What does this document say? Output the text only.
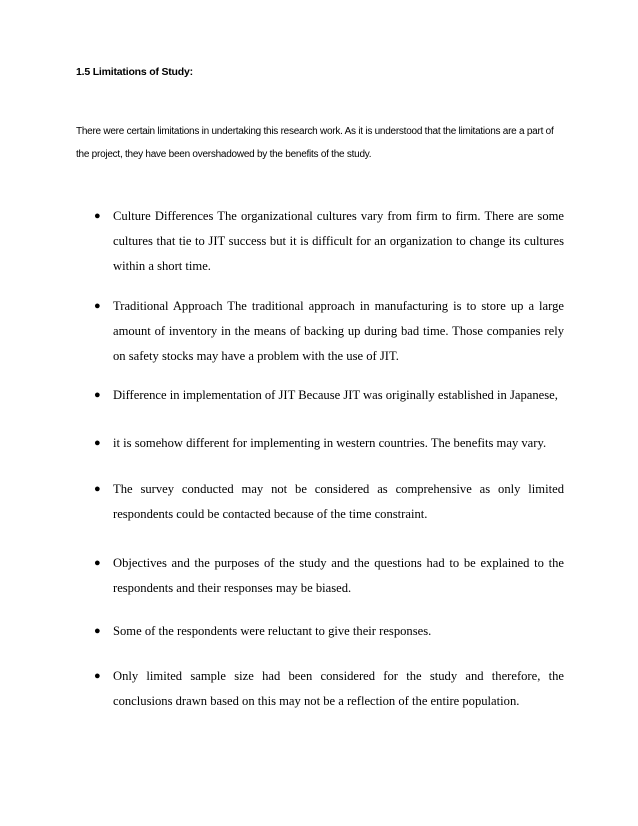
1.5 Limitations of Study:

There were certain limitations in undertaking this research work. As it is understood that the limitations are a part of the project, they have been overshadowed by the benefits of the study.

● Culture Differences The organizational cultures vary from firm to firm. There are some cultures that tie to JIT success but it is difficult for an organization to change its cultures within a short time.
● Traditional Approach The traditional approach in manufacturing is to store up a large amount of inventory in the means of backing up during bad time. Those companies rely on safety stocks may have a problem with the use of JIT.
● Difference in implementation of JIT Because JIT was originally established in Japanese,
● it is somehow different for implementing in western countries. The benefits may vary.
● The survey conducted may not be considered as comprehensive as only limited respondents could be contacted because of the time constraint.
● Objectives and the purposes of the study and the questions had to be explained to the respondents and their responses may be biased.
● Some of the respondents were reluctant to give their responses.
● Only limited sample size had been considered for the study and therefore, the conclusions drawn based on this may not be a reflection of the entire population.
